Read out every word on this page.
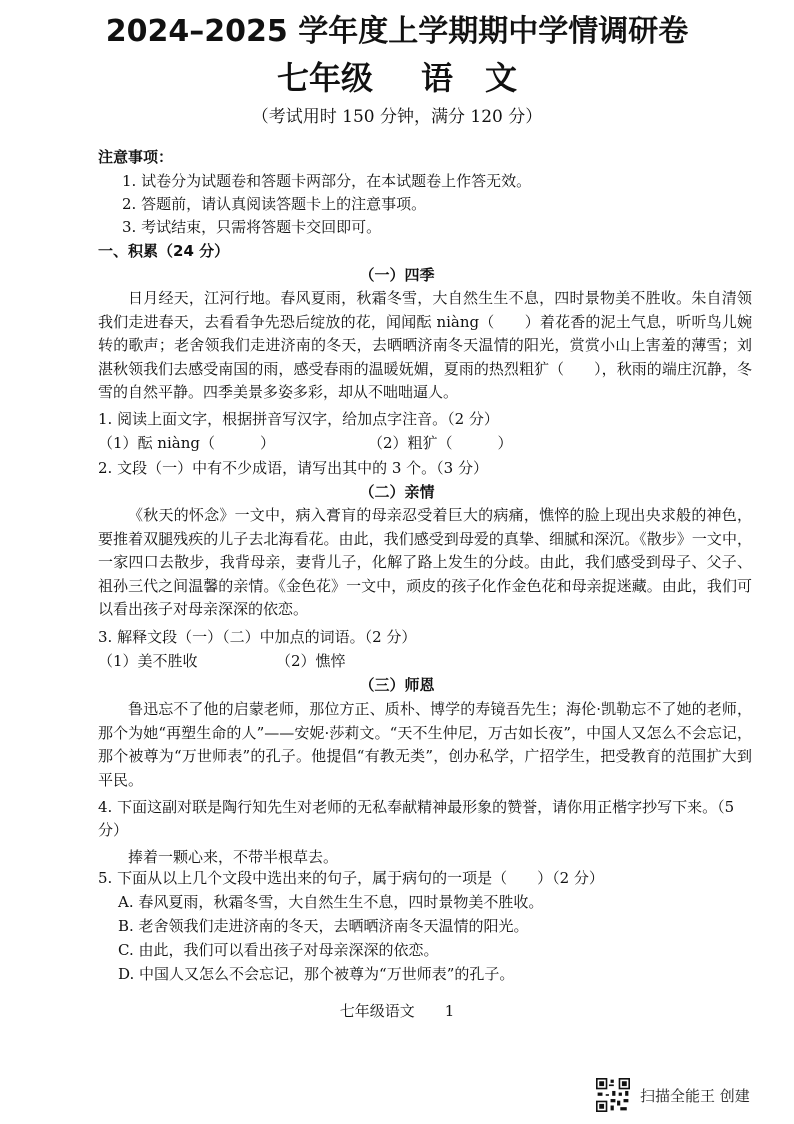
2024–2025 学年度上学期期中学情调研卷
七年级 语　文
（考试用时 150 分钟，满分 120 分）
注意事项：
1. 试卷分为试题卷和答题卡两部分，在本试题卷上作答无效。
2. 答题前，请认真阅读答题卡上的注意事项。
3. 考试结束，只需将答题卡交回即可。
一、积累（24 分）
（一）四季
日月经天，江河行地。春风夏雨，秋霜冬雪，大自然生生不息，四时景物美不胜收。朱自清领我们走进春天，去看看争先恐后绽放的花，闻闻酝 niàng（　　）着花香的泥土气息，听听鸟儿婉转的歌声；老舍领我们走进济南的冬天，去晒晒济南冬天温情的阳光，赏赏小山上害羞的薄雪；刘湛秋领我们去感受南国的雨，感受春雨的温暖妩媚，夏雨的热烈粗犷（　　），秋雨的端庄沉静，冬雪的自然平静。四季美景多姿多彩，却从不咄咄逼人。
1. 阅读上面文字，根据拼音写汉字，给加点字注音。（2 分）
（1）酝 niàng（　　　）	（2）粗犷（　　　）
2. 文段（一）中有不少成语，请写出其中的 3 个。（3 分）
（二）亲情
《秋天的怀念》一文中，病入膏肓的母亲忍受着巨大的病痛，憔悴的脸上现出央求般的神色，要推着双腿残疾的儿子去北海看花。由此，我们感受到母爱的真挚、细腻和深沉。《散步》一文中，一家四口去散步，我背母亲，妻背儿子，化解了路上发生的分歧。由此，我们感受到母子、父子、祖孙三代之间温馨的亲情。《金色花》一文中，顽皮的孩子化作金色花和母亲捉迷藏。由此，我们可以看出孩子对母亲深深的依恋。
3. 解释文段（一）（二）中加点的词语。（2 分）
（1）美不胜收	（2）憔悴
（三）师恩
鲁迅忘不了他的启蒙老师，那位方正、质朴、博学的寿镜吾先生；海伦·凯勒忘不了她的老师，那个为她“再塑生命的人”——安妮·莎莉文。“天不生仲尼，万古如长夜”，中国人又怎么不会忘记，那个被尊为“万世师表”的孔子。他提倡“有教无类”，创办私学，广招学生，把受教育的范围扩大到平民。
4. 下面这副对联是陶行知先生对老师的无私奉献精神最形象的赞誉，请你用正楷字抄写下来。（5 分）
捧着一颗心来，不带半根草去。
5. 下面从以上几个文段中选出来的句子，属于病句的一项是（　　）（2 分）
A. 春风夏雨，秋霜冬雪，大自然生生不息，四时景物美不胜收。
B. 老舍领我们走进济南的冬天，去晒晒济南冬天温情的阳光。
C. 由此，我们可以看出孩子对母亲深深的依恋。
D. 中国人又怎么不会忘记，那个被尊为“万世师表”的孔子。
七年级语文 1
扫描全能王 创建
